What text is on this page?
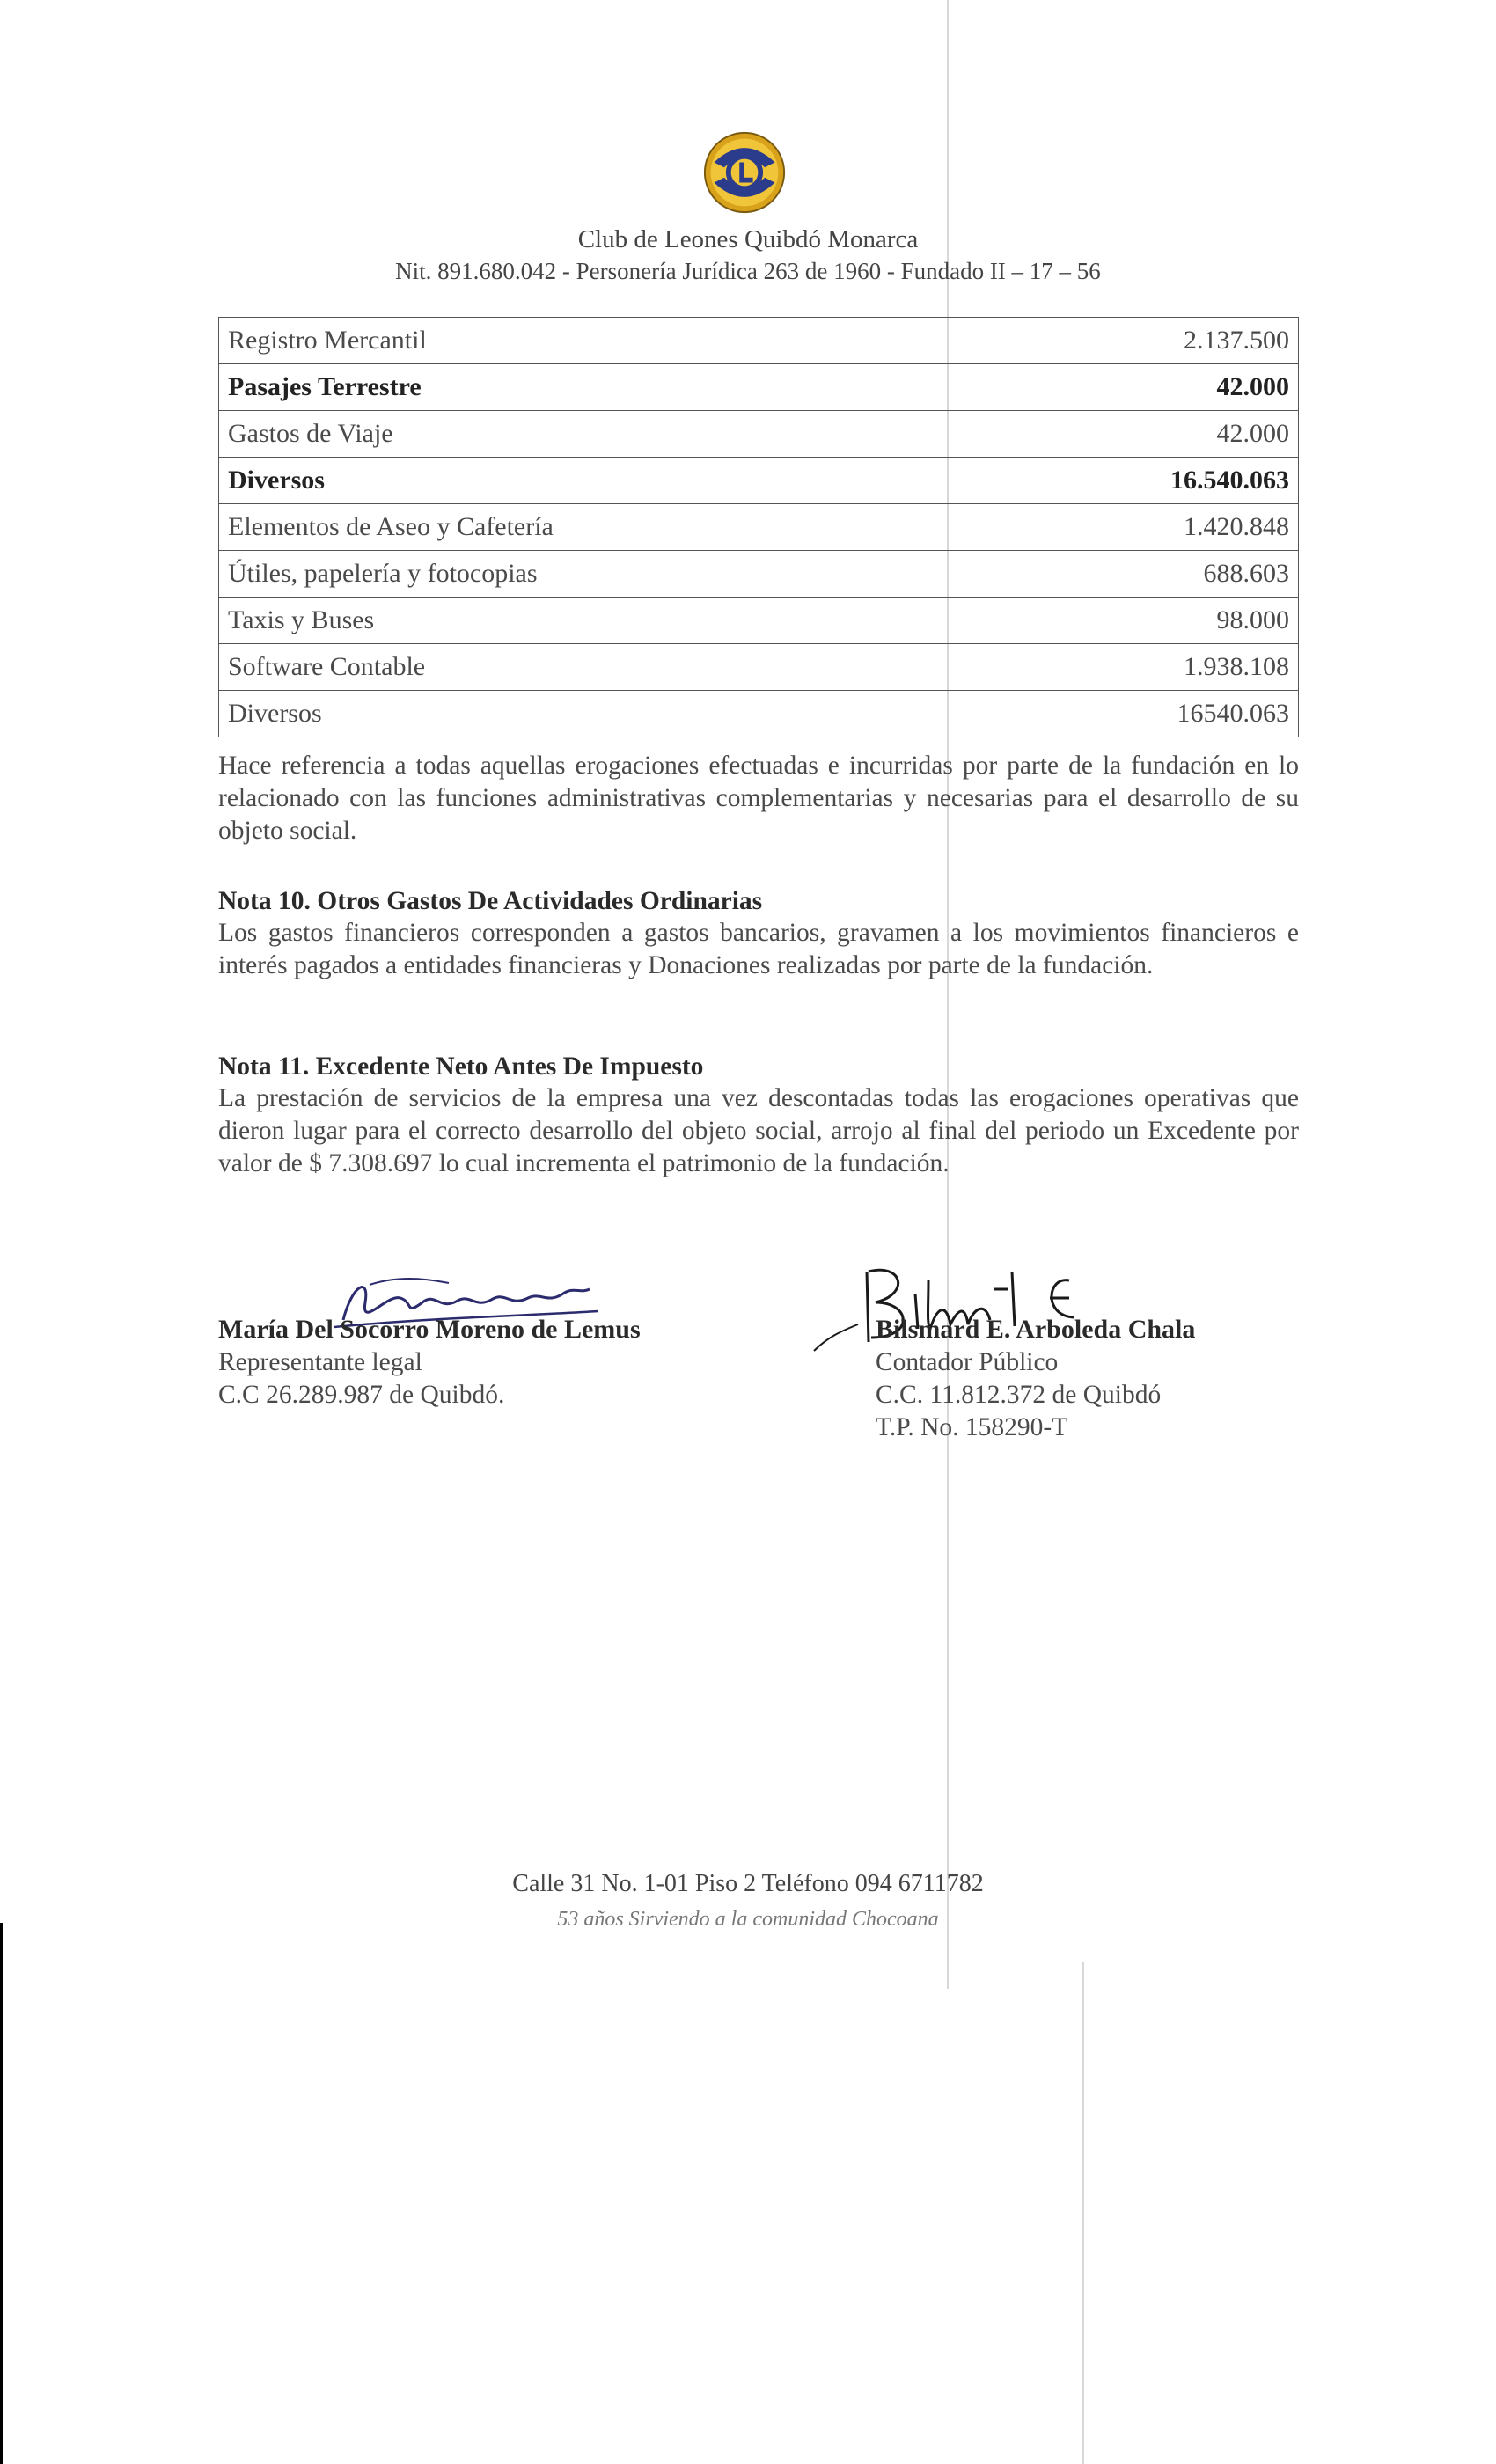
Club de Leones Quibdó Monarca
Nit. 891.680.042 - Personería Jurídica 263 de 1960 - Fundado II – 17 – 56
Registro Mercantil	2.137.500
Pasajes Terrestre	42.000
Gastos de Viaje	42.000
Diversos	16.540.063
Elementos de Aseo y Cafetería	1.420.848
Útiles, papelería y fotocopias	688.603
Taxis y Buses	98.000
Software Contable	1.938.108
Diversos	16540.063
Hace referencia a todas aquellas erogaciones efectuadas e incurridas por parte de la fundación en lo relacionado con las funciones administrativas complementarias y necesarias para el desarrollo de su objeto social.
Nota 10. Otros Gastos De Actividades Ordinarias
Los gastos financieros corresponden a gastos bancarios, gravamen a los movimientos financieros e interés pagados a entidades financieras y Donaciones realizadas por parte de la fundación.
Nota 11. Excedente Neto Antes De Impuesto
La prestación de servicios de la empresa una vez descontadas todas las erogaciones operativas que dieron lugar para el correcto desarrollo del objeto social, arrojo al final del periodo un Excedente por valor de $ 7.308.697 lo cual incrementa el patrimonio de la fundación.
María Del Socorro Moreno de Lemus
Representante legal
C.C 26.289.987 de Quibdó.
Bilsmard E. Arboleda Chala
Contador Público
C.C. 11.812.372 de Quibdó
T.P. No. 158290-T
Calle 31 No. 1-01 Piso 2 Teléfono 094 6711782
53 años Sirviendo a la comunidad Chocoana
